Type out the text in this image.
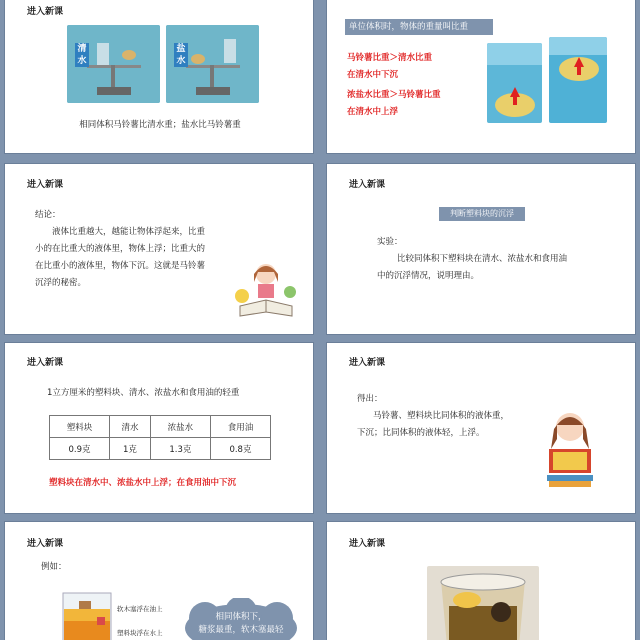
进入新课
清水
盐水
相同体积马铃薯比清水重；盐水比马铃薯重
单位体积时，物体的重量叫比重
马铃薯比重＞清水比重
在清水中下沉
浓盐水比重＞马铃薯比重
在清水中上浮
进入新课
结论：
液体比重越大，越能让物体浮起来，比重
小的在比重大的液体里，物体上浮；比重大的
在比重小的液体里，物体下沉。这就是马铃薯
沉浮的秘密。
进入新课
判断塑料块的沉浮
实验：
比较同体积下塑料块在清水、浓盐水和食用油
中的沉浮情况，说明理由。
进入新课
1立方厘米的塑料块、清水、浓盐水和食用油的轻重
塑料块	清水	浓盐水	食用油
0.9克	1克	1.3克	0.8克
塑料块在清水中、浓盐水中上浮；在食用油中下沉
进入新课
得出：
马铃薯、塑料块比同体积的液体重，
下沉；比同体积的液体轻，上浮。
进入新课
例如：
软木塞浮在油上
塑料块浮在水上
相同体积下，
糖浆最重，软木塞最轻
进入新课
